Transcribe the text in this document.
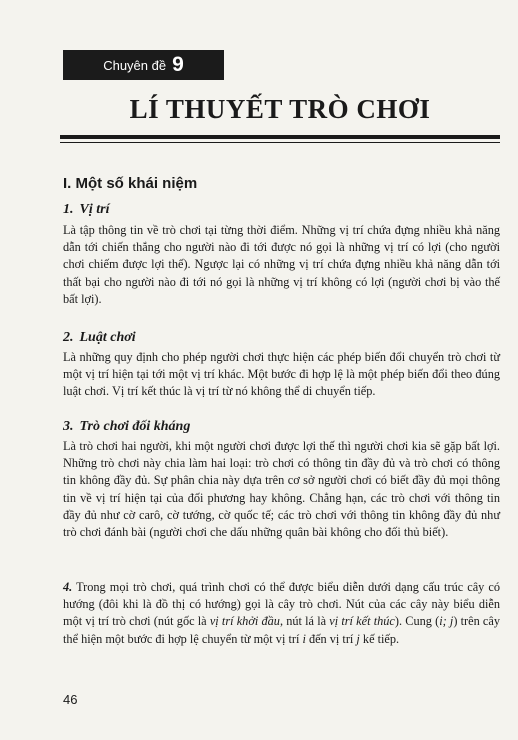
Chuyên đề 9
LÍ THUYẾT TRÒ CHƠI
I. Một số khái niệm
1. Vị trí

Là tập thông tin về trò chơi tại từng thời điểm. Những vị trí chứa đựng nhiều khả năng dẫn tới chiến thắng cho người nào đi tới được nó gọi là những vị trí có lợi (cho người chơi chiếm được lợi thế). Ngược lại có những vị trí chứa đựng nhiều khả năng dẫn tới thất bại cho người nào đi tới nó gọi là những vị trí không có lợi (người chơi bị vào thế bất lợi).

2. Luật chơi

Là những quy định cho phép người chơi thực hiện các phép biến đổi chuyển trò chơi từ một vị trí hiện tại tới một vị trí khác. Một bước đi hợp lệ là một phép biến đổi theo đúng luật chơi. Vị trí kết thúc là vị trí từ nó không thể di chuyển tiếp.

3. Trò chơi đối kháng

Là trò chơi hai người, khi một người chơi được lợi thế thì người chơi kia sẽ gặp bất lợi. Những trò chơi này chia làm hai loại: trò chơi có thông tin đầy đủ và trò chơi có thông tin không đầy đủ. Sự phân chia này dựa trên cơ sở người chơi có biết đầy đủ mọi thông tin về vị trí hiện tại của đối phương hay không. Chẳng hạn, các trò chơi với thông tin đầy đủ như cờ carô, cờ tướng, cờ quốc tế; các trò chơi với thông tin không đầy đủ như trò chơi đánh bài (người chơi che dấu những quân bài không cho đối thủ biết).

4. Trong mọi trò chơi, quá trình chơi có thể được biểu diễn dưới dạng cấu trúc cây có hướng (đôi khi là đồ thị có hướng) gọi là cây trò chơi. Nút của các cây này biểu diễn một vị trí trò chơi (nút gốc là vị trí khởi đầu, nút lá là vị trí kết thúc). Cung (i; j) trên cây thể hiện một bước đi hợp lệ chuyển từ một vị trí i đến vị trí j kế tiếp.

46
